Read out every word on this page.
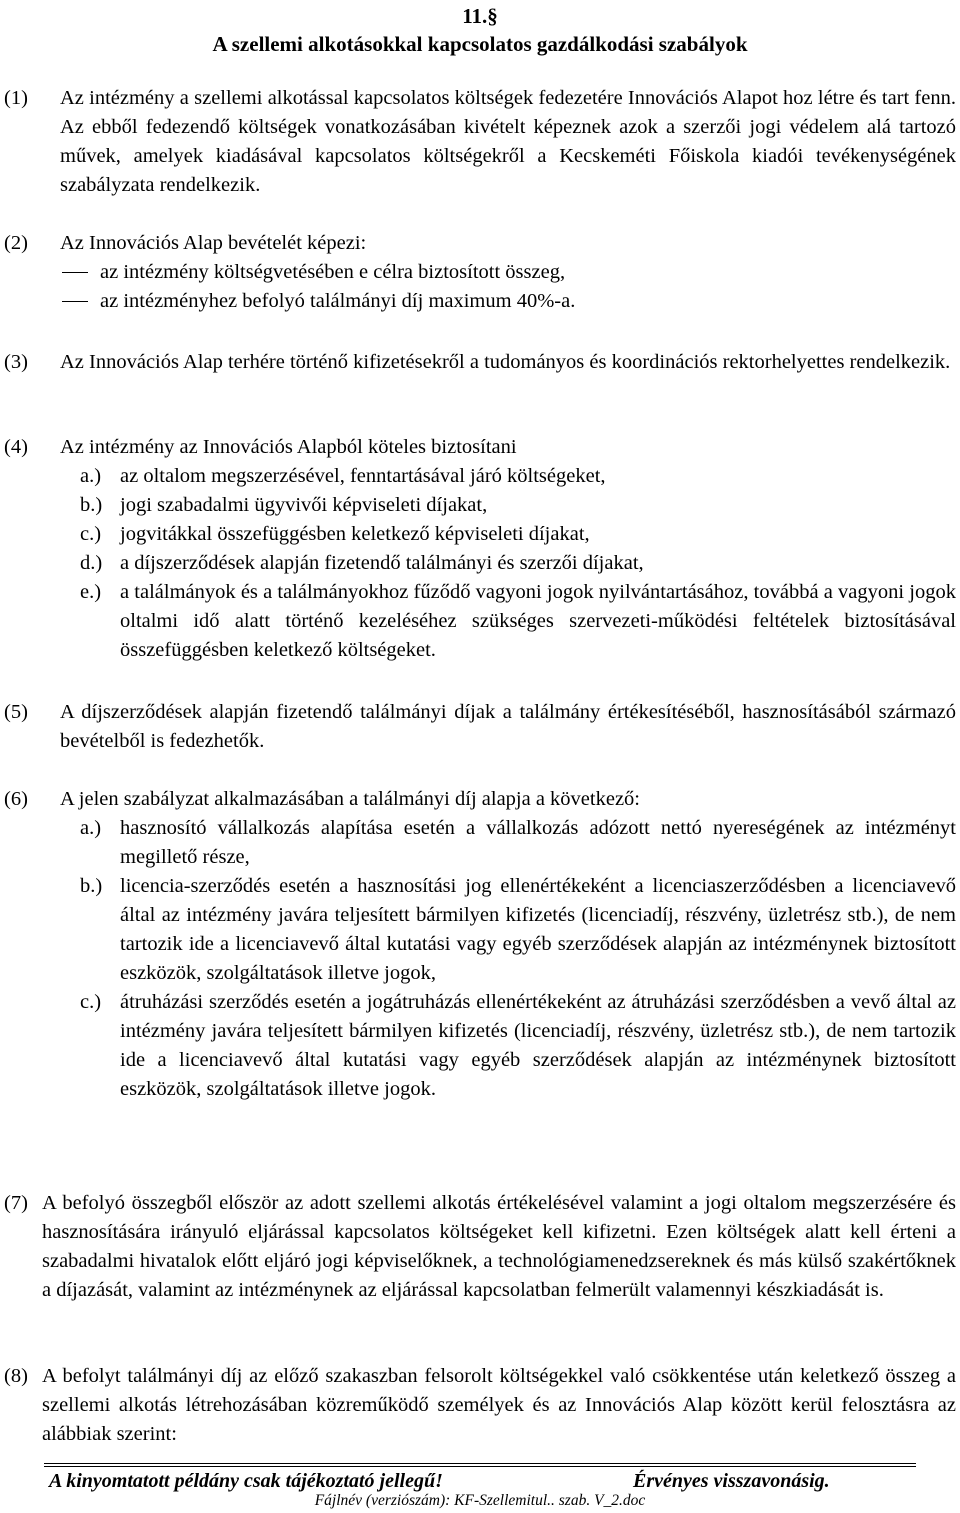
11.§
A szellemi alkotásokkal kapcsolatos gazdálkodási szabályok
(1) Az intézmény a szellemi alkotással kapcsolatos költségek fedezetére Innovációs Alapot hoz létre és tart fenn. Az ebből fedezendő költségek vonatkozásában kivételt képeznek azok a szerzői jogi védelem alá tartozó művek, amelyek kiadásával kapcsolatos költségekről a Kecskeméti Főiskola kiadói tevékenységének szabályzata rendelkezik.
(2) Az Innovációs Alap bevételét képezi:
az intézmény költségvetésében e célra biztosított összeg,
az intézményhez befolyó találmányi díj maximum 40%-a.
(3) Az Innovációs Alap terhére történő kifizetésekről a tudományos és koordinációs rektorhelyettes rendelkezik.
(4) Az intézmény az Innovációs Alapból köteles biztosítani
a.) az oltalom megszerzésével, fenntartásával járó költségeket,
b.) jogi szabadalmi ügyvivői képviseleti díjakat,
c.) jogvitákkal összefüggésben keletkező képviseleti díjakat,
d.) a díjszerződések alapján fizetendő találmányi és szerzői díjakat,
e.) a találmányok és a találmányokhoz fűződő vagyoni jogok nyilvántartásához, továbbá a vagyoni jogok oltalmi idő alatt történő kezeléséhez szükséges szervezeti-működési feltételek biztosításával összefüggésben keletkező költségeket.
(5) A díjszerződések alapján fizetendő találmányi díjak a találmány értékesítéséből, hasznosításából származó bevételből is fedezhetők.
(6) A jelen szabályzat alkalmazásában a találmányi díj alapja a következő:
a.) hasznosító vállalkozás alapítása esetén a vállalkozás adózott nettó nyereségének az intézményt megillető része,
b.) licencia-szerződés esetén a hasznosítási jog ellenértékeként a licenciaszerződésben a licenciavevő által az intézmény javára teljesített bármilyen kifizetés (licenciadíj, részvény, üzletrész stb.), de nem tartozik ide a licenciavevő által kutatási vagy egyéb szerződések alapján az intézménynek biztosított eszközök, szolgáltatások illetve jogok,
c.) átruházási szerződés esetén a jogátruházás ellenértékeként az átruházási szerződésben a vevő által az intézmény javára teljesített bármilyen kifizetés (licenciadíj, részvény, üzletrész stb.), de nem tartozik ide a licenciavevő által kutatási vagy egyéb szerződések alapján az intézménynek biztosított eszközök, szolgáltatások illetve jogok.
(7) A befolyó összegből először az adott szellemi alkotás értékelésével valamint a jogi oltalom megszerzésére és hasznosítására irányuló eljárással kapcsolatos költségeket kell kifizetni. Ezen költségek alatt kell érteni a szabadalmi hivatalok előtt eljáró jogi képviselőknek, a technológiamenedzsereknek és más külső szakértőknek a díjazását, valamint az intézménynek az eljárással kapcsolatban felmerült valamennyi készkiadását is.
(8) A befolyt találmányi díj az előző szakaszban felsorolt költségekkel való csökkentése után keletkező összeg a szellemi alkotás létrehozásában közreműködő személyek és az Innovációs Alap között kerül felosztásra az alábbiak szerint:
A kinyomtatott példány csak tájékoztató jellegű!	Érvényes visszavonásig.
Fájlnév (verziószám): KF-Szellemitul.. szab. V_2.doc
